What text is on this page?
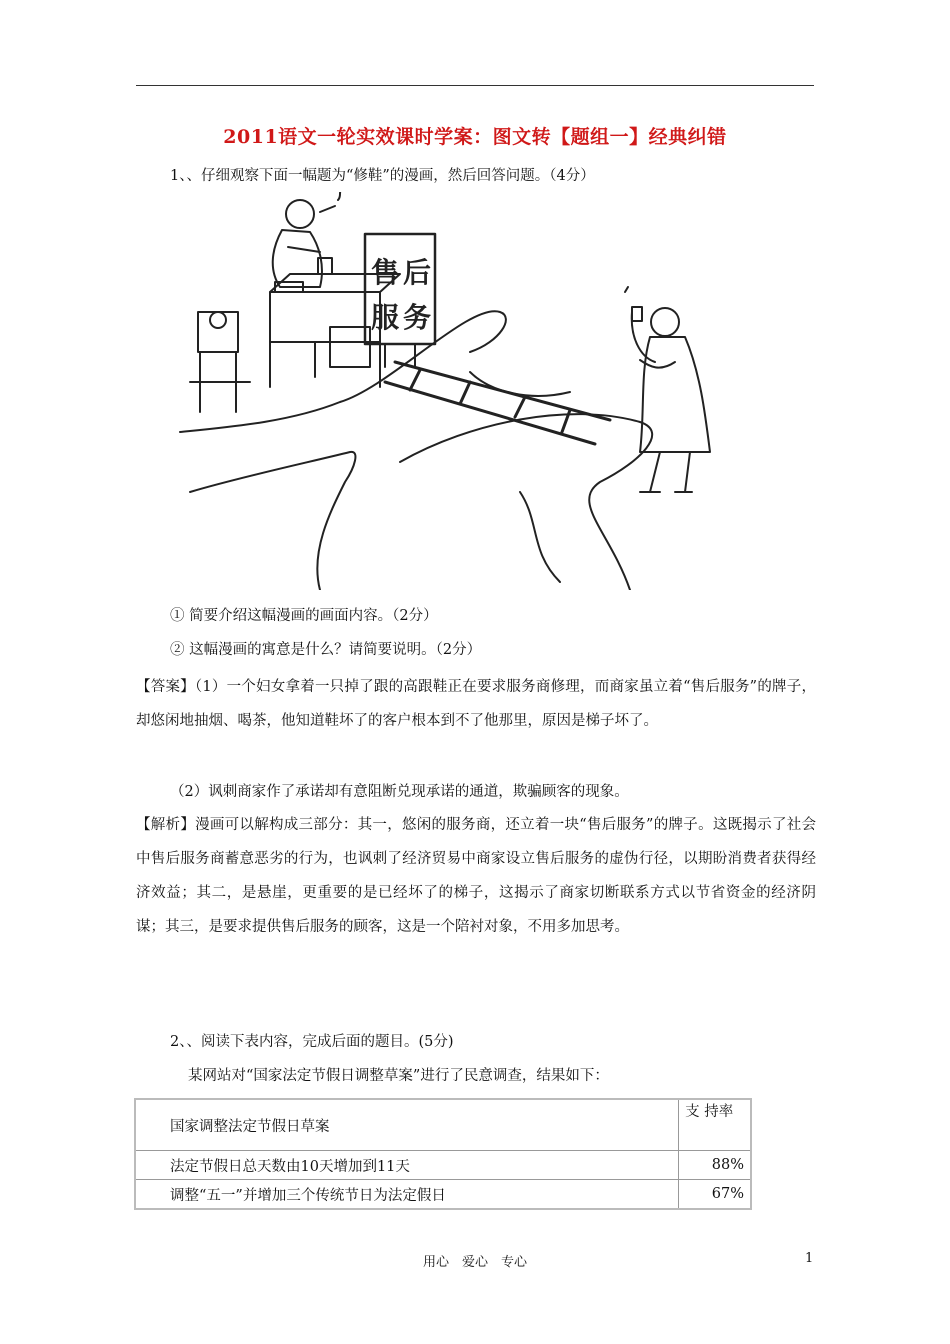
2011语文一轮实效课时学案：图文转【题组一】经典纠错
1、、仔细观察下面一幅题为“修鞋”的漫画，然后回答问题。（4分）
售 后
服 务
① 简要介绍这幅漫画的画面内容。（2分）
② 这幅漫画的寓意是什么？请简要说明。（2分）
【答案】（1）一个妇女拿着一只掉了跟的高跟鞋正在要求服务商修理，而商家虽立着“售后服务”的牌子，却悠闲地抽烟、喝茶，他知道鞋坏了的客户根本到不了他那里，原因是梯子坏了。
（2）讽刺商家作了承诺却有意阻断兑现承诺的通道，欺骗顾客的现象。
【解析】漫画可以解构成三部分：其一，悠闲的服务商，还立着一块“售后服务”的牌子。这既揭示了社会中售后服务商蓄意恶劣的行为，也讽刺了经济贸易中商家设立售后服务的虚伪行径，以期盼消费者获得经济效益；其二，是悬崖，更重要的是已经坏了的梯子，这揭示了商家切断联系方式以节省资金的经济阴谋；其三，是要求提供售后服务的顾客，这是一个陪衬对象，不用多加思考。
2、、阅读下表内容，完成后面的题目。(5分)
某网站对“国家法定节假日调整草案”进行了民意调查，结果如下：
国家调整法定节假日草案	支 持率
法定节假日总天数由10天增加到11天	88%
调整“五一”并增加三个传统节日为法定假日	67%
用心　爱心　专心	1
